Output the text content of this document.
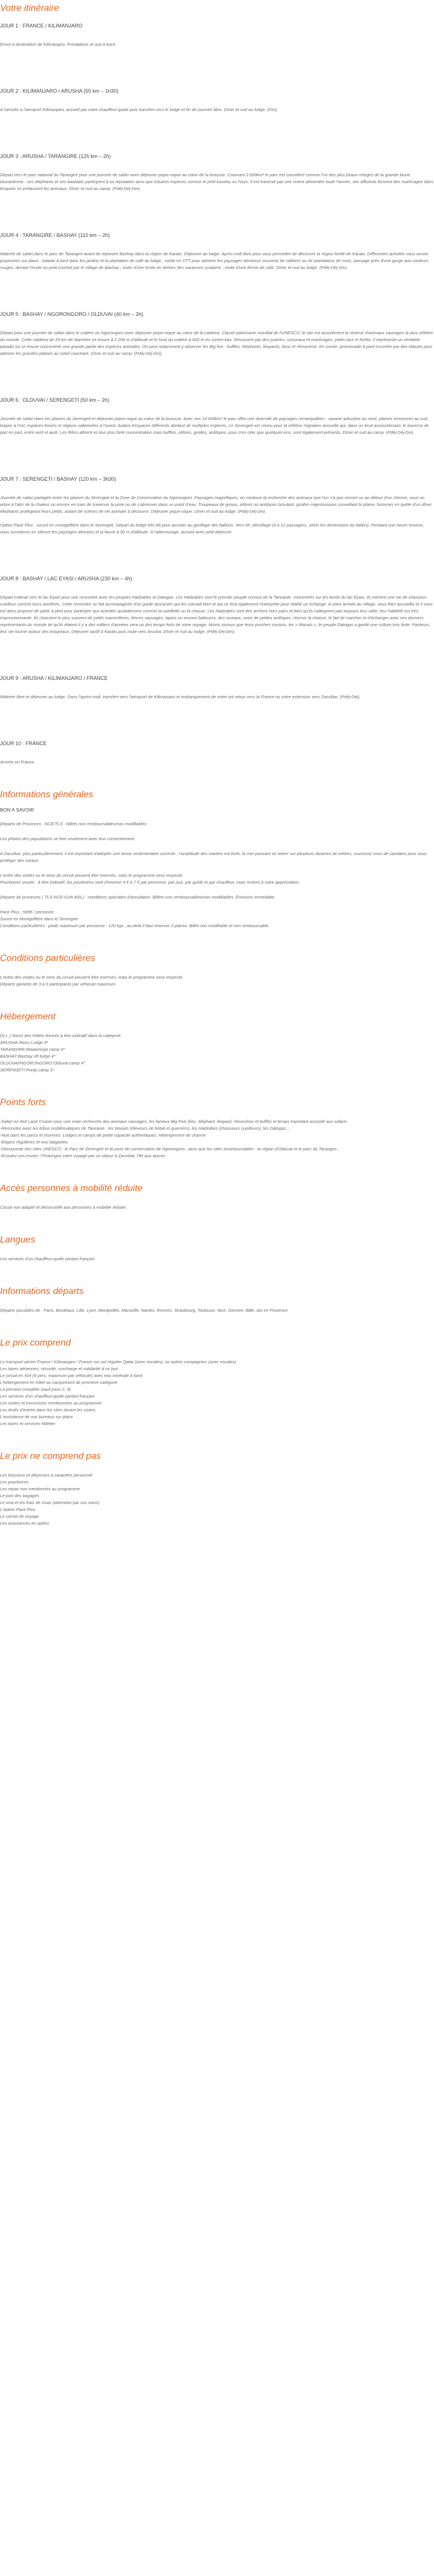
Votre itinéraire

JOUR 1 : FRANCE / KILIMANJARO

Envol à destination de Kilimanjaro. Prestations et nuit à bord.

JOUR 2 : KILIMANJARO / ARUSHA (55 km – 1h30)

A l'arrivée à l'aéroport Kilimanjaro, accueil par votre chauffeur-guide puis transfert vers le lodge et fin de journée libre. Dîner et nuit au lodge. (Din).

JOUR 3 : ARUSHA / TARANGIRE (125 km – 2h)

Départ vers le parc national du Tarangire pour une journée de safari avec déjeuner pique-nique au cœur de la brousse. Couvrant 2 600km² le parc est considéré comme l'un des plus beaux refuges de la grande faune tanzanienne : ses éléphants et ses baobabs participent à sa réputation ainsi que d'autres espèces comme le petit koudou ou l'oryx. Il est traversé par une rivière alimentée toute l'année, ses affluents forment des marécages dans lesquels se prélassent les animaux. Dîner et nuit au camp. (Pdéj-Déj-Din).

JOUR 4 : TARANGIRE / BASHAY (110 km – 2h)

Matinée de safari dans le parc de Tarangire avant de rejoindre Bashay dans la région de Karatu. Déjeuner au lodge. Après-midi libre pour vous permettre de découvrir la région fertile de Karatu. Différentes activités vous seront proposées sur place : balade à pied dans les jardins et la plantation de café du lodge ; sortie en VTT pour admirer les paysages alentours couverts de caféiers ou de plantations de maïs, passage près d'une gorge aux couleurs rouges, devant l'école ou petit crochet par le village de Bashay ; visite d'une école en dehors des vacances scolaires ; visite d'une ferme de café. Dîner et nuit au lodge. (Pdéj-Déj-Din).

JOUR 5 : BASHAY / NGORONGORO / OLDUVAI (40 km – 2h)

Départ pour une journée de safari dans le cratère du Ngorongoro avec déjeuner pique-nique au cœur de la caldeira. Classé patrimoine mondial de l'UNESCO, le site est assurément la réserve d'animaux sauvages la plus célèbre du monde. Cette caldeira de 20 km de diamètre se trouve à 2 200 m d'altitude et le fond du cratère à 600 m en contre-bas. Recouvert par des prairies, ruisseaux et marécages, petits lacs et forêts, il représente un véritable paradis où se trouve concentrée une grande partie des espèces animales. On peut notamment y observer les Big five : buffles, éléphants, léopards, lions et rhinocéros. En soirée, promenade à pied escortée par des Masaïs pour admirer les grandes plaines au soleil couchant. Dîner et nuit au camp. (Pdéj-Déj-Din).

JOUR 6 : OLDUVAI / SERENGETI (50 km – 2h)

Journée de safari dans les plaines du Serengeti et déjeuner pique-nique au cœur de la brousse. Avec ses 14 000km² le parc offre une diversité de paysages remarquables : savane arbustive au nord, plaines immenses au sud, kopjes à l'est, espaces boisés et régions vallonnées à l'ouest. Autant d'espaces différents abritant de multiples espèces. Le Serengeti est connu pour la célèbre migration annuelle qui, dans un bruit assourdissant, le traverse de part en part, entre avril et août. Les félins attirent ici leur plus forte concentration mais buffles, zèbres, girafes, antilopes, pour n'en citer que quelques-uns, sont également présents. Dîner et nuit au camp. (Pdéj-Déj-Din).

JOUR 7 : SERENGETI / BASHAY (120 km – 3h30)

Journée de safari partagée entre les plaines du Serengeti et la Zone de Conservation du Ngorongoro. Paysages magnifiques, on continue la recherche des animaux que l'on n'a pas encore vu au détour d'un chemin, sous un arbre à l'abri de la chaleur ou encore en train de traverser la piste ou de s'abreuver dans un point d'eau. Troupeaux de gnous, zèbres ou antilopes broutant, girafes majestueuses surveillant la plaine, hommes en quête d'un dîner, éléphants protégeant leurs petits, autant de scènes de vie animale à découvrir. Déjeuner pique-nique. Dîner et nuit au lodge. (Pdéj-Déj-Din).

Option Pack Plus : survol en montgolfière dans le Serengeti. Départ du lodge très tôt pour assister au gonflage des ballons. Vers 6h, décollage (4 à 12 passagers, selon les dimensions du ballon). Pendant une heure environ, vous survolerez en silence les paysages africains et la faune à 50 m d'altitude. À l'atterrissage, accueil avec petit déjeuner.

JOUR 8 : BASHAY / LAC EYASI / ARUSHA (230 km – 4h)

Départ matinal vers le lac Eyasi pour une rencontre avec les peuples Hadzabes et Datogas. Les Hadzabes sont le premier peuple connus de la Tanzanie, concentrés sur les bords du lac Eyasi, ils mènent une vie de chasseur-cueilleur comme leurs ancêtres. Cette rencontre se fait accompagnée d'un guide tanzanien qui les connaît bien et qui se fera également l'interprète pour établir un échange. A votre arrivée au village, vous êtes accueillis et il vous est alors proposé de partir à pied pour participer aux activités quotidiennes comme la cueillette ou la chasse. Les Hadzabes sont des archers hors pairs et bien qu'ils nattegnent pas toujours leur cible, leur habileté est très impressionnante. Ils chassent le plus souvent de petits mammifères, lièvres sauvages, lapins ou encore babouins, des oiseaux, voire de petites antilopes. Hormis la chasse, le fait de marcher et d'échanger avec ces derniers représentants du monde tel qu'ils étaient il y a des milliers d'années sera un des temps forts de votre voyage. Moins connus que leurs proches cousins, les « Masaïs », le peuple Datogas a gardé une culture très forte. Pasteurs, leur vie tourne autour des troupeaux. Déjeuner tardif à Karatu puis route vers Arusha. Dîner et nuit au lodge. (Pdéj-Déj-Din).

JOUR 9 : ARUSHA / KILIMANJARO / FRANCE

Matinée libre et déjeuner au lodge. Dans l'après-midi, transfert vers l'aéroport de Kilimanjaro et embarquement de votre vol retour vers la France ou votre extension vers Zanzibar. (Pdéj-Déj).

JOUR 10 : FRANCE

Arrivée en France.

Informations générales

BON A SAVOIR

Départs de Provinces : NCE/TLS : billets non remboursables/non modifiables

Les photos des populations se font seulement avec leur consentement.

A Zanzibar, plus particulièrement, il est important d'adopter une tenue vestimentaire correcte ; l'amplitude des marées est forte, la mer pouvant se retirer sur plusieurs dizaines de mètres, munissez vous de sandales pour vous protéger des coraux.

L'ordre des visites ou le sens du circuit peuvent être inversés, mais le programme sera respecté.
Pourboires usuels : à titre indicatif, les pourboires sont d'environ 4 € à 7 € par personne, par jour, par guide et par chauffeur, mais restent à votre appréciation.

Départs de provinces ( TLS-NCE-GVA-BSL) : conditions spéciales d'annulation. Billets non remboursables/non modifiables. Émission immédiate.

Pack Plus : 595€ / personne
Survol en Montgolfière dans le Serengeti
Conditions particulières : poids maximum par personne : 120 kgs ; au-delà il faut réserver 2 places. Billet non modifiable et non remboursable.

Conditions particulières

L'ordre des visites ou le sens du circuit peuvent être inversés, mais le programme sera respecté.
Départs garantis de 3 à 6 participants par véhicule maximum

Hébergement

(N.L.) Noms des hôtels donnés à titre indicatif dans la catégorie
ARUSHA:Ilboru Lodge 4*
TARANGIRE:Maweninga camp 4*
BASHAY:Bashay rift lodge 4*
OLDUVAI/NGORONGORO:Olduvai camp 4*
SERENGETI:Ronjo camp 3*

Points forts

-Safari en 4x4 Land Cruiser pour une vraie recherche des animaux sauvages, les fameux Big Five (lion, éléphant, léopard, rhinocéros et buffle) et temps important accordé aux safaris
-Rencontre avec les tribus emblématiques de Tanzanie : les Masaïs (éleveurs de bétail et guerriers), les Hadzabes (chasseurs cueilleurs), les Datogas....
-Nuit dans les parcs et réserves. Lodges et camps de petite capacité authentiques. Hébergement de charme
-Étapes régulières et non fatigantes
-Découverte des sites UNESCO : le Parc de Serengeti et la zone de conservation de Ngorongoro ; ainsi que les sites incontournables : la région d'Olduvai et le parc du Tarangire...
-Écoutez vos envies ! Prolongez votre voyage par un séjour à Zanzibar, l'île aux épices

Accès personnes à mobilité réduite

Circuit non adapté et déconseillé aux personnes à mobilité réduite.

Langues

Les services d'un chauffeur-guide parlant français

Informations départs

Départs possibles de : Paris, Bordeaux, Lille, Lyon, Montpellier, Marseille, Nantes, Rennes, Strasbourg, Toulouse, Nice, Genève, Bâle, Aix en Provence

Le prix comprend

Le transport aérien France / Kilimanjaro / France sur vol régulier Qatar (avec escales), ou autres compagnies (avec escales)
Les taxes aériennes, sécurité, surcharge et solidarité à ce jour
Le circuit en 4x4 (6 pers. maximum par véhicule) avec eau minérale à bord
L'hébergement en hôtel ou campement de première catégorie
La pension complète (sauf jours 2, 9)
Les services d'un chauffeur-guide parlant français
Les visites et excursions mentionnées au programme
Les droits d'entrée dans les sites durant les visites
L'assistance de nos bureaux sur place
Les taxes et services hôtelier

Le prix ne comprend pas

Les boissons et dépenses à caractère personnel
Les pourboires
Les repas non mentionnés au programme
Le port des bagages
Le visa et les frais de visas (obtention par vos soins)
L'option Pack Plus
Le carnet de voyage
Les assurances en option
